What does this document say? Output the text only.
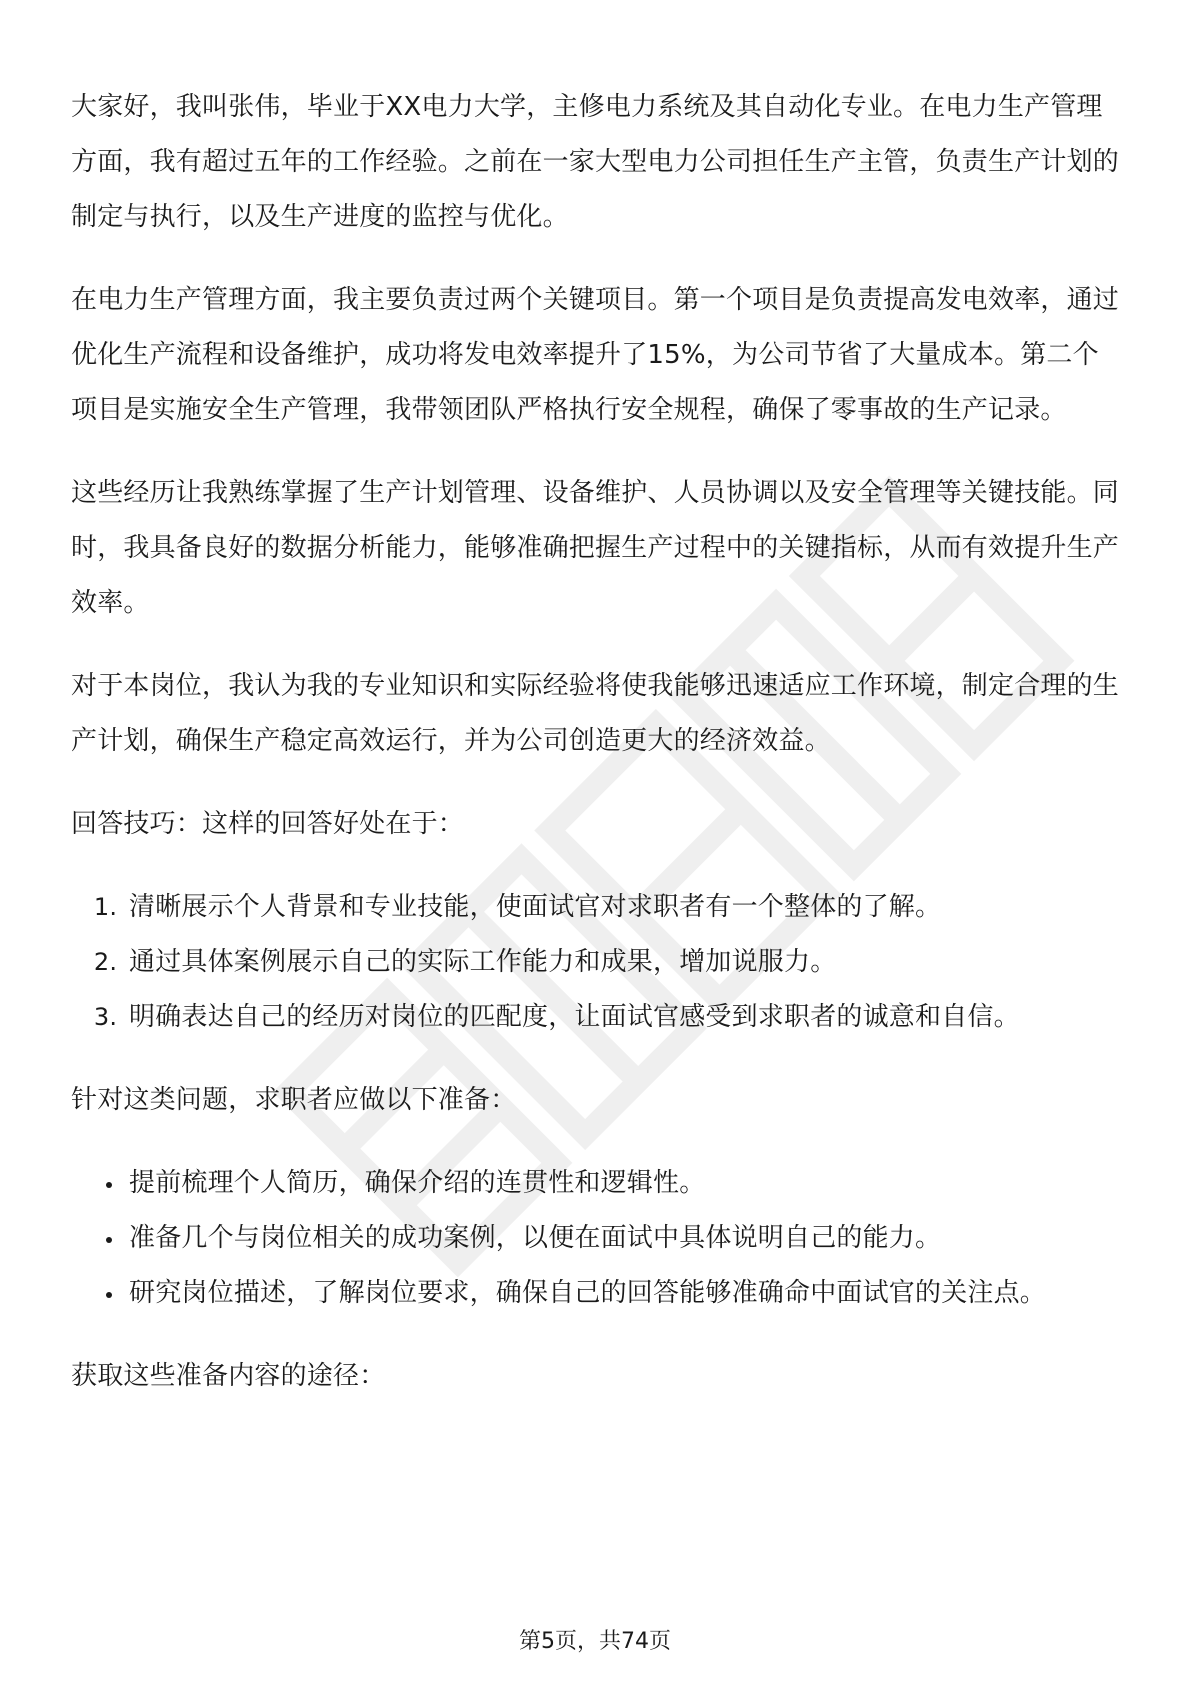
大家好，我叫张伟，毕业于XX电力大学，主修电力系统及其自动化专业。在电力生产管理方面，我有超过五年的工作经验。之前在一家大型电力公司担任生产主管，负责生产计划的制定与执行，以及生产进度的监控与优化。

在电力生产管理方面，我主要负责过两个关键项目。第一个项目是负责提高发电效率，通过优化生产流程和设备维护，成功将发电效率提升了15%，为公司节省了大量成本。第二个项目是实施安全生产管理，我带领团队严格执行安全规程，确保了零事故的生产记录。

这些经历让我熟练掌握了生产计划管理、设备维护、人员协调以及安全管理等关键技能。同时，我具备良好的数据分析能力，能够准确把握生产过程中的关键指标，从而有效提升生产效率。

对于本岗位，我认为我的专业知识和实际经验将使我能够迅速适应工作环境，制定合理的生产计划，确保生产稳定高效运行，并为公司创造更大的经济效益。

回答技巧：这样的回答好处在于：

1. 清晰展示个人背景和专业技能，使面试官对求职者有一个整体的了解。
2. 通过具体案例展示自己的实际工作能力和成果，增加说服力。
3. 明确表达自己的经历对岗位的匹配度，让面试官感受到求职者的诚意和自信。

针对这类问题，求职者应做以下准备：

• 提前梳理个人简历，确保介绍的连贯性和逻辑性。
• 准备几个与岗位相关的成功案例，以便在面试中具体说明自己的能力。
• 研究岗位描述，了解岗位要求，确保自己的回答能够准确命中面试官的关注点。

获取这些准备内容的途径：

第5页，共74页
